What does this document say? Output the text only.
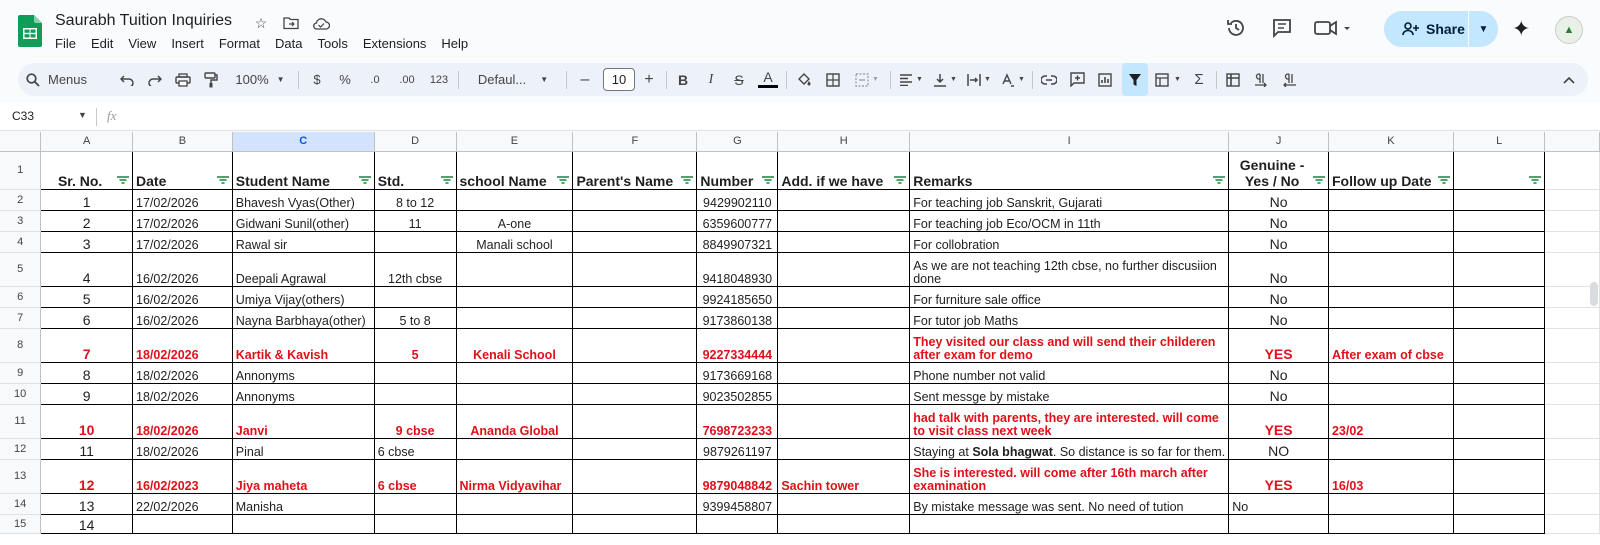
Saurabh Tuition Inquiries ☆
File	Edit	View	Insert	Format	Data	Tools	Extensions	Help
Share	▼	✦	▲
Menus	100% ▼	$	%	.0	.00	123	Defaul... ▼	–	10	+	B	I	S	A	▼	▼	▼	▼	▼	▼ Σ
C33	▼ fx
	A	B	C	D	E	F	G	H	I	J	K	L	
1	Sr. No.	Date	Student Name	Std.	school Name	Parent's Name	Number	Add. if we have	Remarks	Genuine - Yes / No	Follow up Date

2	1	17/02/2026	Bhavesh Vyas(Other)	8 to 12			9429902110		For teaching job Sanskrit, Gujarati	No			
3	2	17/02/2026	Gidwani Sunil(other)	11	A-one		6359600777		For teaching job Eco/OCM in 11th	No			
4	3	17/02/2026	Rawal sir		Manali school		8849907321		For collobration	No			
5	4	16/02/2026	Deepali Agrawal	12th cbse			9418048930		As we are not teaching 12th cbse, no further discusiion done	No			
6	5	16/02/2026	Umiya Vijay(others)				9924185650		For furniture sale office	No			
7	6	16/02/2026	Nayna Barbhaya(other)	5 to 8			9173860138		For tutor job Maths	No			
8	7	18/02/2026	Kartik & Kavish	5	Kenali School		9227334444		They visited our class and will send their childeren after exam for demo	YES	After exam of cbse		
9	8	18/02/2026	Annonyms				9173669168		Phone number not valid	No			
10	9	18/02/2026	Annonyms				9023502855		Sent messge by mistake	No			
11	10	18/02/2026	Janvi	9 cbse	Ananda Global		7698723233		had talk with parents, they are interested. will come to visit class next week	YES	23/02		
12	11	18/02/2026	Pinal	6 cbse			9879261197		Staying at Sola bhagwat. So distance is so far for them.	NO			
13	12	16/02/2023	Jiya maheta	6 cbse	Nirma Vidyavihar		9879048842	Sachin tower	She is interested. will come after 16th march after examination	YES	16/03		
14	13	22/02/2026	Manisha				9399458807		By mistake message was sent. No need of tution	No			
15	14												
